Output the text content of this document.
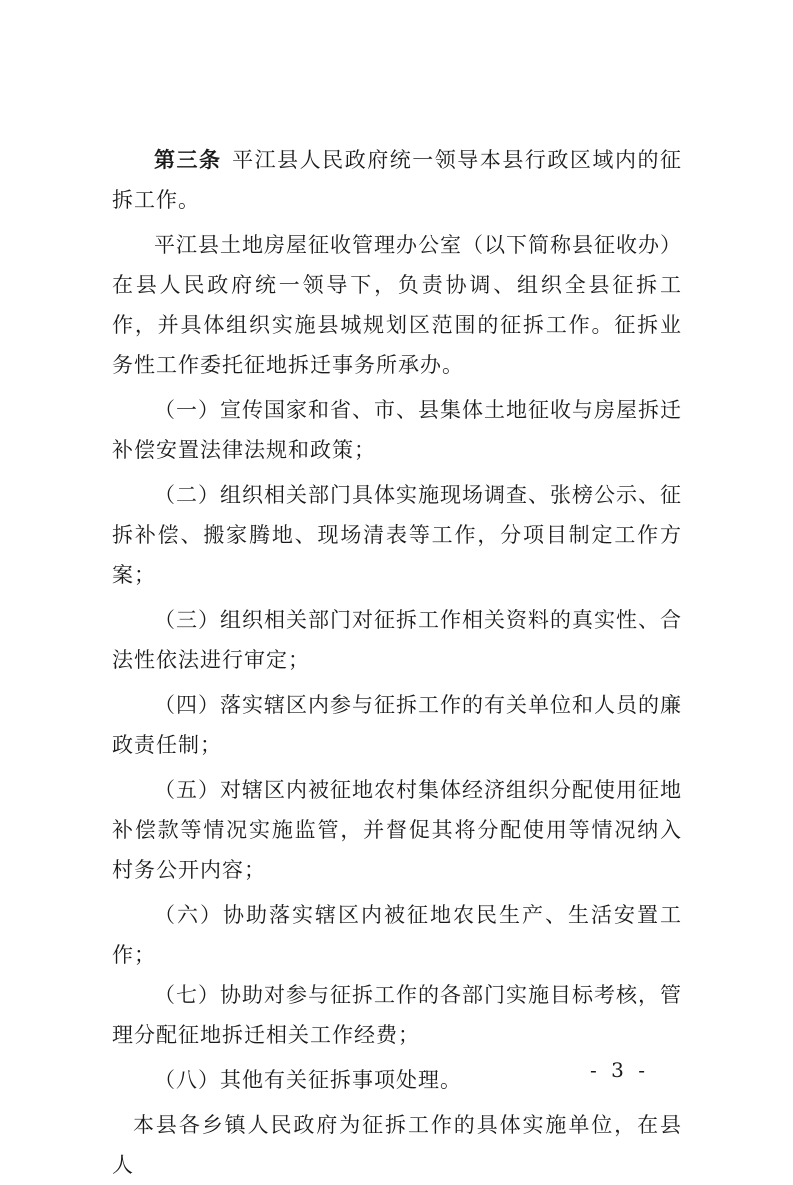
第三条 平江县人民政府统一领导本县行政区域内的征拆工作。

平江县土地房屋征收管理办公室（以下简称县征收办）在县人民政府统一领导下，负责协调、组织全县征拆工作，并具体组织实施县城规划区范围的征拆工作。征拆业务性工作委托征地拆迁事务所承办。

（一）宣传国家和省、市、县集体土地征收与房屋拆迁补偿安置法律法规和政策；

（二）组织相关部门具体实施现场调查、张榜公示、征拆补偿、搬家腾地、现场清表等工作，分项目制定工作方案；

（三）组织相关部门对征拆工作相关资料的真实性、合法性依法进行审定；

（四）落实辖区内参与征拆工作的有关单位和人员的廉政责任制；

（五）对辖区内被征地农村集体经济组织分配使用征地补偿款等情况实施监管，并督促其将分配使用等情况纳入村务公开内容；

（六）协助落实辖区内被征地农民生产、生活安置工作；

（七）协助对参与征拆工作的各部门实施目标考核，管理分配征地拆迁相关工作经费；

（八）其他有关征拆事项处理。

本县各乡镇人民政府为征拆工作的具体实施单位，在县人

- 3 -
